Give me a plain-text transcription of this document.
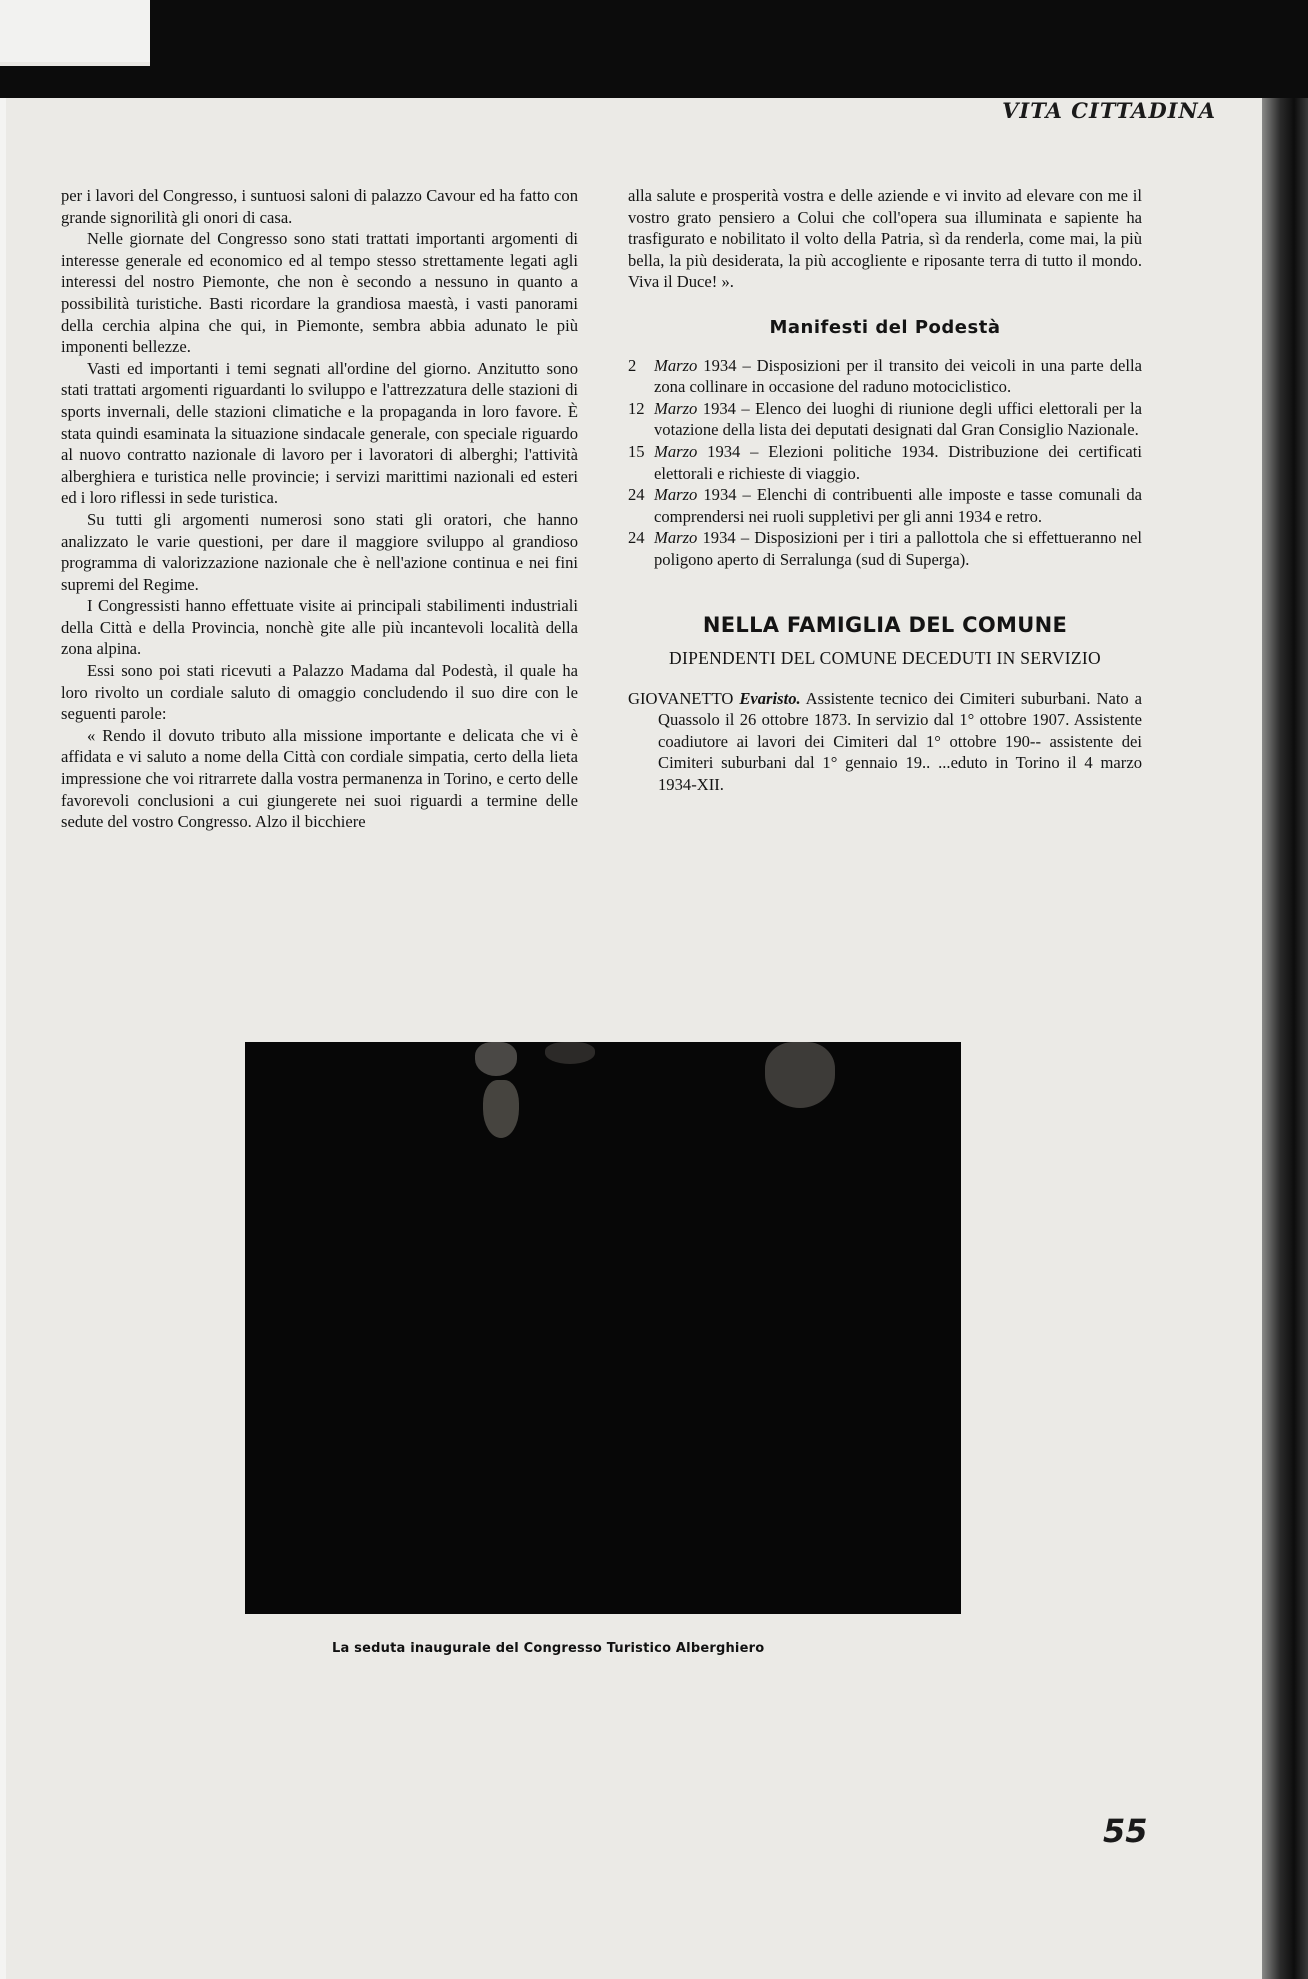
VITA CITTADINA

per i lavori del Congresso, i suntuosi saloni di palazzo Cavour ed ha fatto con grande signorilità gli onori di casa.

Nelle giornate del Congresso sono stati trattati importanti argomenti di interesse generale ed economico ed al tempo stesso strettamente legati agli interessi del nostro Piemonte, che non è secondo a nessuno in quanto a possibilità turistiche. Basti ricordare la grandiosa maestà, i vasti panorami della cerchia alpina che qui, in Piemonte, sembra abbia adunato le più imponenti bellezze.

Vasti ed importanti i temi segnati all'ordine del giorno. Anzitutto sono stati trattati argomenti riguardanti lo sviluppo e l'attrezzatura delle stazioni di sports invernali, delle stazioni climatiche e la propaganda in loro favore. È stata quindi esaminata la situazione sindacale generale, con speciale riguardo al nuovo contratto nazionale di lavoro per i lavoratori di alberghi; l'attività alberghiera e turistica nelle provincie; i servizi marittimi nazionali ed esteri ed i loro riflessi in sede turistica.

Su tutti gli argomenti numerosi sono stati gli oratori, che hanno analizzato le varie questioni, per dare il maggiore sviluppo al grandioso programma di valorizzazione nazionale che è nell'azione continua e nei fini supremi del Regime.

I Congressisti hanno effettuate visite ai principali stabilimenti industriali della Città e della Provincia, nonchè gite alle più incantevoli località della zona alpina.

Essi sono poi stati ricevuti a Palazzo Madama dal Podestà, il quale ha loro rivolto un cordiale saluto di omaggio concludendo il suo dire con le seguenti parole:

« Rendo il dovuto tributo alla missione importante e delicata che vi è affidata e vi saluto a nome della Città con cordiale simpatia, certo della lieta impressione che voi ritrarrete dalla vostra permanenza in Torino, e certo delle favorevoli conclusioni a cui giungerete nei suoi riguardi a termine delle sedute del vostro Congresso. Alzo il bicchiere

alla salute e prosperità vostra e delle aziende e vi invito ad elevare con me il vostro grato pensiero a Colui che coll'opera sua illuminata e sapiente ha trasfigurato e nobilitato il volto della Patria, sì da renderla, come mai, la più bella, la più desiderata, la più accogliente e riposante terra di tutto il mondo. Viva il Duce! ».

Manifesti del Podestà
2	Marzo 1934 – Disposizioni per il transito dei veicoli in una parte della zona collinare in occasione del raduno motociclistico.
12 Marzo 1934 – Elenco dei luoghi di riunione degli uffici elettorali per la votazione della lista dei deputati designati dal Gran Consiglio Nazionale.
15 Marzo 1934 – Elezioni politiche 1934. Distribuzione dei certificati elettorali e richieste di viaggio.
24 Marzo 1934 – Elenchi di contribuenti alle imposte e tasse comunali da comprendersi nei ruoli suppletivi per gli anni 1934 e retro.
24 Marzo 1934 – Disposizioni per i tiri a pallottola che si effettueranno nel poligono aperto di Serralunga (sud di Superga).
NELLA FAMIGLIA DEL COMUNE
DIPENDENTI DEL COMUNE DECEDUTI IN SERVIZIO

GIOVANETTO Evaristo. Assistente tecnico dei Cimiteri suburbani. Nato a Quassolo il 26 ottobre 1873. In servizio dal 1° ottobre 1907. Assistente coadiutore ai lavori dei Cimiteri dal 1° ottobre 190-- assistente dei Cimiteri suburbani dal 1° gennaio 19.. ...eduto in Torino il 4 marzo 1934-XII.

La seduta inaugurale del Congresso Turistico Alberghiero
55
